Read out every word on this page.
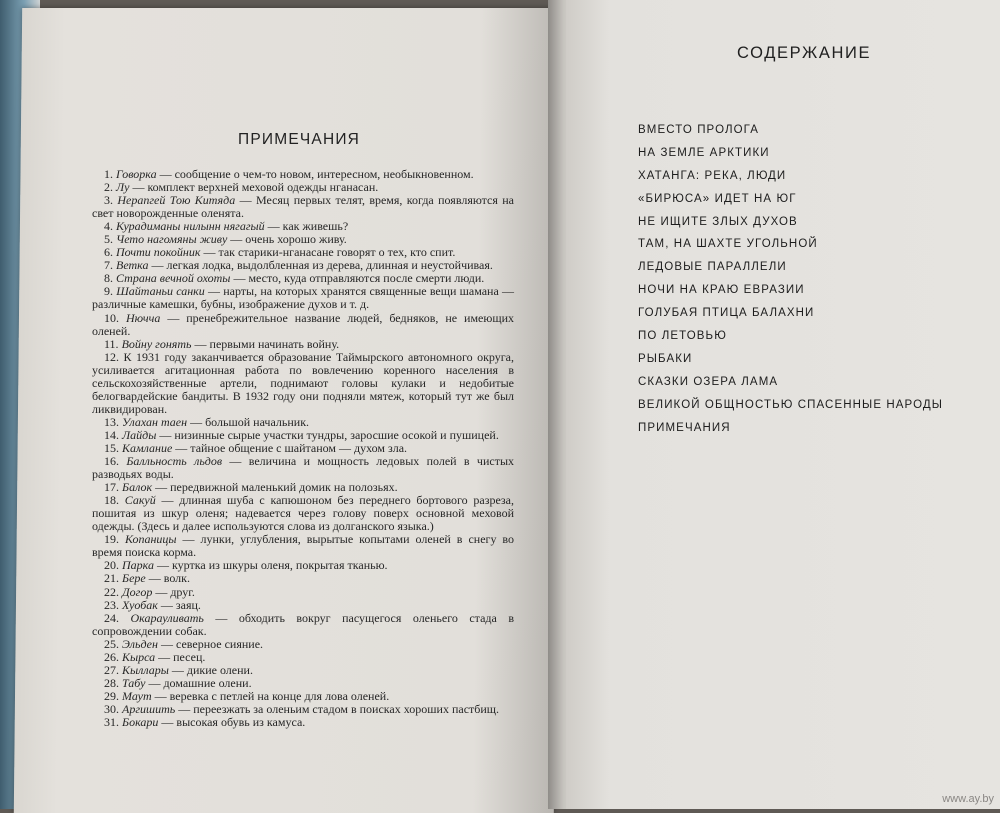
ПРИМЕЧАНИЯ

1. Говорка — сообщение о чем-то новом, интересном, необыкновенном.

2. Лу — комплект верхней меховой одежды нганасан.

3. Нерапгей Тою Китяда — Месяц первых телят, время, когда появляются на свет новорожденные олeнята.

4. Курадиманы нилынн нягагый — как живешь?

5. Чето нагомяны живу — очень хорошо живу.

6. Почти покойник — так старики-нганасане говорят о тех, кто спит.

7. Ветка — легкая лодка, выдолбленная из дерева, длинная и неустойчивая.

8. Страна вечной охоты — место, куда отправляются после смерти люди.

9. Шайтаньи санки — нарты, на которых хранятся священные вещи шамана — различные камешки, бубны, изображение духов и т. д.

10. Нючча — пренебрежительное название людей, бедняков, не имеющих оленей.

11. Войну гонять — первыми начинать войну.

12. К 1931 году заканчивается образование Таймырского автономного округа, усиливается агитационная работа по вовлечению коренного населения в сельскохозяйственные артели, поднимают головы кулаки и недобитые белогвардейские бандиты. В 1932 году они подняли мятеж, который тут же был ликвидирован.

13. Улахан таен — большой начальник.

14. Лайды — низинные сырые участки тундры, заросшие осокой и пушицей.

15. Камлание — тайное общение с шайтаном — духом зла.

16. Балльность льдов — величина и мощность ледовых полей в чистых разводьях воды.

17. Балок — передвижной маленький домик на полозьях.

18. Сакуй — длинная шуба с капюшоном без переднего бортового разреза, пошитая из шкур оленя; надевается через голову поверх основной меховой одежды. (Здесь и далее используются слова из долганского языка.)

19. Копаницы — лунки, углубления, вырытые копытами оленей в снегу во время поиска корма.

20. Парка — куртка из шкуры оленя, покрытая тканью.

21. Бере — волк.

22. Догор — друг.

23. Хуобак — заяц.

24. Окарауливать — обходить вокруг пасущегося оленьего стада в сопровождении собак.

25. Эльден — северное сияние.

26. Кырса — песец.

27. Кыллары — дикие олени.

28. Табу — домашние олени.

29. Маут — веревка с петлей на конце для лова оленей.

30. Аргишить — переезжать за оленьим стадом в поисках хороших пастбищ.

31. Бокари — высокая обувь из камуса.

СОДЕРЖАНИЕ
ВМЕСТО ПРОЛОГА
НА ЗЕМЛЕ АРКТИКИ
ХАТАНГА: РЕКА, ЛЮДИ
«БИРЮСА» ИДЕТ НА ЮГ
НЕ ИЩИТЕ ЗЛЫХ ДУХОВ
ТАМ, НА ШАХТЕ УГОЛЬНОЙ
ЛЕДОВЫЕ ПАРАЛЛЕЛИ
НОЧИ НА КРАЮ ЕВРАЗИИ
ГОЛУБАЯ ПТИЦА БАЛАХНИ
ПО ЛЕТОВЬЮ
РЫБАКИ
СКАЗКИ ОЗЕРА ЛАМА
ВЕЛИКОЙ ОБЩНОСТЬЮ СПАСЕННЫЕ НАРОДЫ
ПРИМЕЧАНИЯ
www.ay.by
